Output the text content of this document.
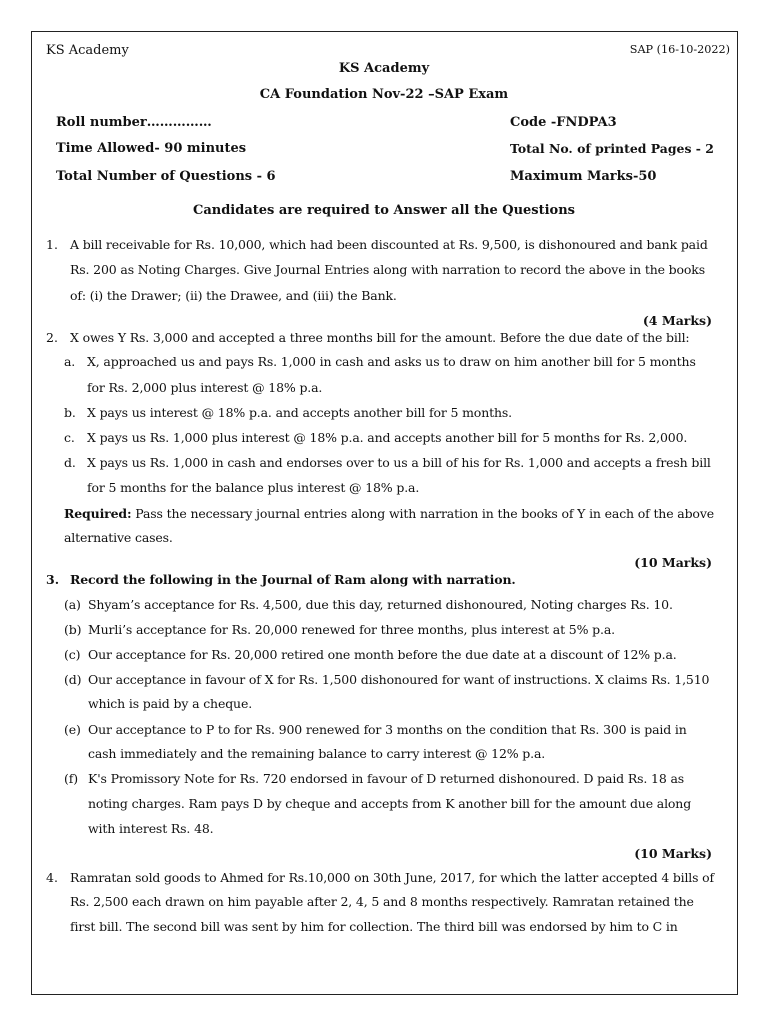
KS Academy	SAP (16-10-2022)
KS Academy
CA Foundation Nov-22 –SAP Exam
Roll number……………	Code -FNDPA3
Time Allowed- 90 minutes	Total No. of printed Pages - 2
Total Number of Questions - 6	Maximum Marks-50
Candidates are required to Answer all the Questions
1. A bill receivable for Rs. 10,000, which had been discounted at Rs. 9,500, is dishonoured and bank paid
Rs. 200 as Noting Charges. Give Journal Entries along with narration to record the above in the books
of: (i) the Drawer; (ii) the Drawee, and (iii) the Bank.
(4 Marks)
2. X owes Y Rs. 3,000 and accepted a three months bill for the amount. Before the due date of the bill:
a. X, approached us and pays Rs. 1,000 in cash and asks us to draw on him another bill for 5 months
for Rs. 2,000 plus interest @ 18% p.a.
b. X pays us interest @ 18% p.a. and accepts another bill for 5 months.
c. X pays us Rs. 1,000 plus interest @ 18% p.a. and accepts another bill for 5 months for Rs. 2,000.
d. X pays us Rs. 1,000 in cash and endorses over to us a bill of his for Rs. 1,000 and accepts a fresh bill
for 5 months for the balance plus interest @ 18% p.a.
Required: Pass the necessary journal entries along with narration in the books of Y in each of the above
alternative cases.
(10 Marks)
3. Record the following in the Journal of Ram along with narration.
(a) Shyam’s acceptance for Rs. 4,500, due this day, returned dishonoured, Noting charges Rs. 10.
(b) Murli’s acceptance for Rs. 20,000 renewed for three months, plus interest at 5% p.a.
(c) Our acceptance for Rs. 20,000 retired one month before the due date at a discount of 12% p.a.
(d) Our acceptance in favour of X for Rs. 1,500 dishonoured for want of instructions. X claims Rs. 1,510
which is paid by a cheque.
(e) Our acceptance to P to for Rs. 900 renewed for 3 months on the condition that Rs. 300 is paid in
cash immediately and the remaining balance to carry interest @ 12% p.a.
(f) K's Promissory Note for Rs. 720 endorsed in favour of D returned dishonoured. D paid Rs. 18 as
noting charges. Ram pays D by cheque and accepts from K another bill for the amount due along
with interest Rs. 48.
(10 Marks)
4. Ramratan sold goods to Ahmed for Rs.10,000 on 30th June, 2017, for which the latter accepted 4 bills of
Rs. 2,500 each drawn on him payable after 2, 4, 5 and 8 months respectively. Ramratan retained the
first bill. The second bill was sent by him for collection. The third bill was endorsed by him to C in
